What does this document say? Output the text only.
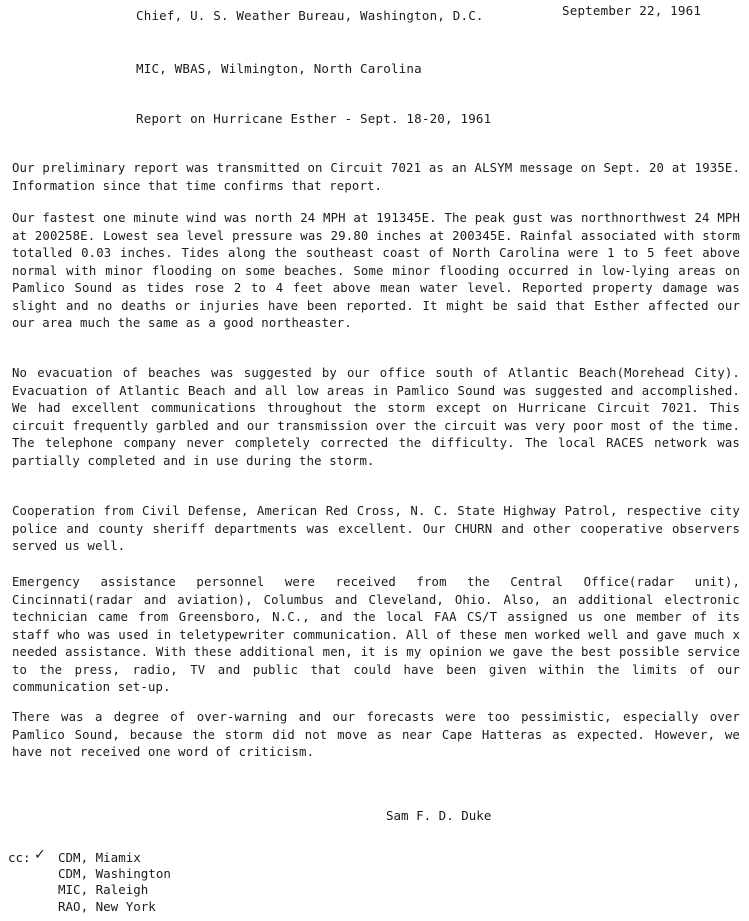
Chief, U. S. Weather Bureau, Washington, D.C.	September 22, 1961
MIC, WBAS, Wilmington, North Carolina
Report on Hurricane Esther - Sept. 18-20, 1961
Our preliminary report was transmitted on Circuit 7021 as an ALSYM message on Sept. 20 at 1935E. Information since that time confirms that report.
Our fastest one minute wind was north 24 MPH at 191345E. The peak gust was northnorthwest 24 MPH at 200258E. Lowest sea level pressure was 29.80 inches at 200345E. Rainfal associated with storm totalled 0.03 inches. Tides along the southeast coast of North Carolina were 1 to 5 feet above normal with minor flooding on some beaches. Some minor flooding occurred in low-lying areas on Pamlico Sound as tides rose 2 to 4 feet above mean water level. Reported property damage was slight and no deaths or injuries have been reported. It might be said that Esther affected our our area much the same as a good northeaster.
No evacuation of beaches was suggested by our office south of Atlantic Beach(Morehead City). Evacuation of Atlantic Beach and all low areas in Pamlico Sound was suggested and accomplished. We had excellent communications throughout the storm except on Hurricane Circuit 7021. This circuit frequently garbled and our transmission over the circuit was very poor most of the time. The telephone company never completely corrected the difficulty. The local RACES network was partially completed and in use during the storm.
Cooperation from Civil Defense, American Red Cross, N. C. State Highway Patrol, respective city police and county sheriff departments was excellent. Our CHURN and other cooperative observers served us well.
Emergency assistance personnel were received from the Central Office(radar unit), Cincinnati(radar and aviation), Columbus and Cleveland, Ohio. Also, an additional electronic technician came from Greensboro, N.C., and the local FAA CS/T assigned us one member of its staff who was used in teletypewriter communication. All of these men worked well and gave much x needed assistance. With these additional men, it is my opinion we gave the best possible service to the press, radio, TV and public that could have been given within the limits of our communication set-up.
There was a degree of over-warning and our forecasts were too pessimistic, especially over Pamlico Sound, because the storm did not move as near Cape Hatteras as expected. However, we have not received one word of criticism.
Sam F. D. Duke
cc: ✓ CDM, Miamix
CDM, Washington
MIC, Raleigh
RAO, New York
